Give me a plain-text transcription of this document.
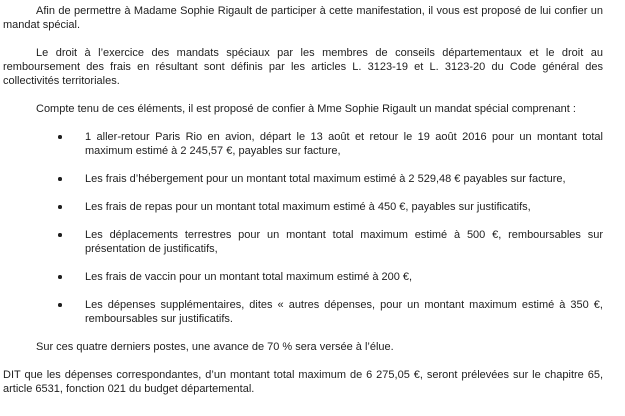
Afin de permettre à Madame Sophie Rigault de participer à cette manifestation, il vous est proposé de lui confier un mandat spécial.

Le droit à l’exercice des mandats spéciaux par les membres de conseils départementaux et le droit au remboursement des frais en résultant sont définis par les articles L. 3123-19 et L. 3123-20 du Code général des collectivités territoriales.

Compte tenu de ces éléments, il est proposé de confier à Mme Sophie Rigault un mandat spécial comprenant :

1 aller-retour Paris Rio en avion, départ le 13 août et retour le 19 août 2016 pour un montant total maximum estimé à 2 245,57 €, payables sur facture,
Les frais d’hébergement pour un montant total maximum estimé à 2 529,48 € payables sur facture,
Les frais de repas pour un montant total maximum estimé à 450 €, payables sur justificatifs,
Les déplacements terrestres pour un montant total maximum estimé à 500 €, remboursables sur présentation de justificatifs,
Les frais de vaccin pour un montant total maximum estimé à 200 €,
Les dépenses supplémentaires, dites « autres dépenses, pour un montant maximum estimé à 350 €, remboursables sur justificatifs.

Sur ces quatre derniers postes, une avance de 70 % sera versée à l’élue.

DIT que les dépenses correspondantes, d’un montant total maximum de 6 275,05 €, seront prélevées sur le chapitre 65, article 6531, fonction 021 du budget départemental.
